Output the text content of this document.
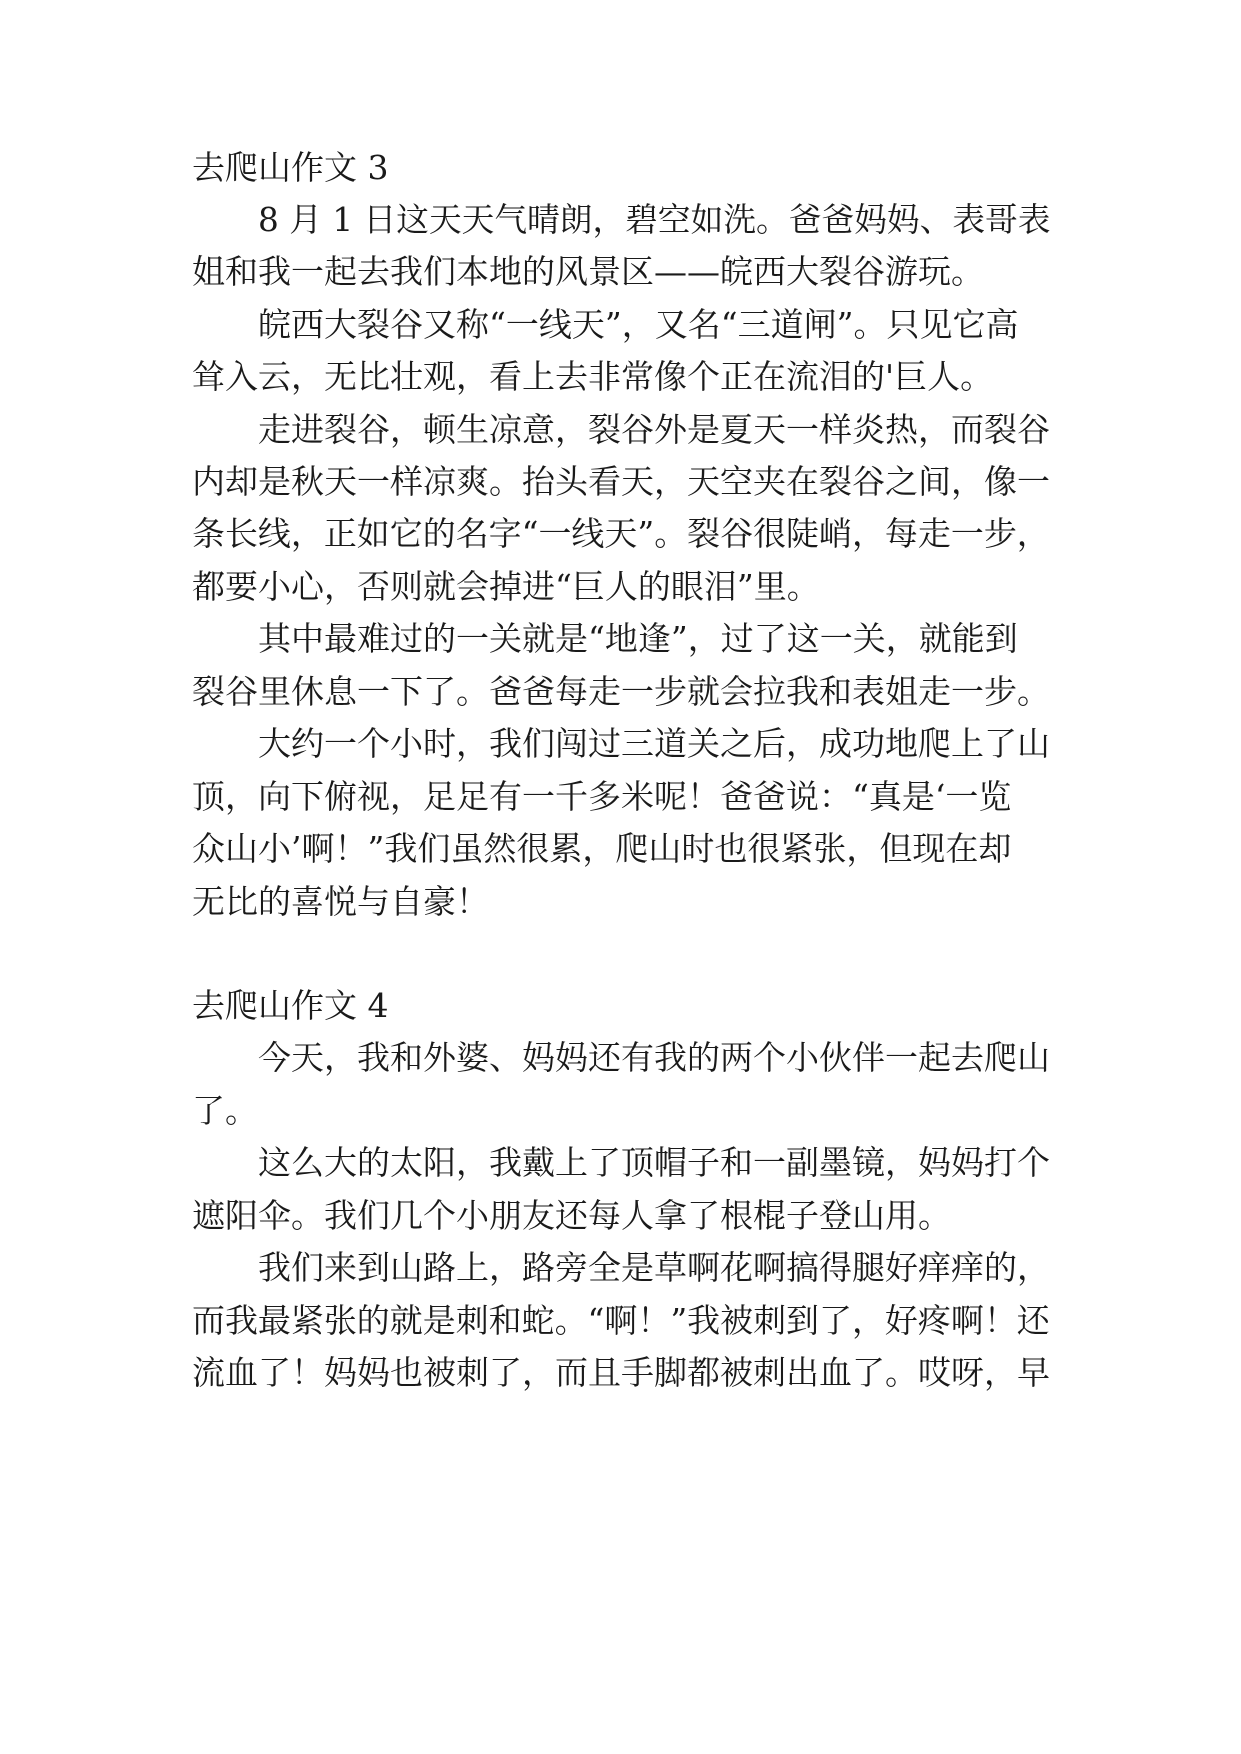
去爬山作文 3
8 月 1 日这天天气晴朗，碧空如洗。爸爸妈妈、表哥表
姐和我一起去我们本地的风景区——皖西大裂谷游玩。
皖西大裂谷又称“一线天”，又名“三道闸”。只见它高
耸入云，无比壮观，看上去非常像个正在流泪的'巨人。
走进裂谷，顿生凉意，裂谷外是夏天一样炎热，而裂谷
内却是秋天一样凉爽。抬头看天，天空夹在裂谷之间，像一
条长线，正如它的名字“一线天”。裂谷很陡峭，每走一步，
都要小心，否则就会掉进“巨人的眼泪”里。
其中最难过的一关就是“地逢”，过了这一关，就能到
裂谷里休息一下了。爸爸每走一步就会拉我和表姐走一步。
大约一个小时，我们闯过三道关之后，成功地爬上了山
顶，向下俯视，足足有一千多米呢！爸爸说：“真是‘一览
众山小’啊！”我们虽然很累，爬山时也很紧张，但现在却
无比的喜悦与自豪！
去爬山作文 4
今天，我和外婆、妈妈还有我的两个小伙伴一起去爬山
了。
这么大的太阳，我戴上了顶帽子和一副墨镜，妈妈打个
遮阳伞。我们几个小朋友还每人拿了根棍子登山用。
我们来到山路上，路旁全是草啊花啊搞得腿好痒痒的，
而我最紧张的就是刺和蛇。“啊！”我被刺到了，好疼啊！还
流血了！妈妈也被刺了，而且手脚都被刺出血了。哎呀，早
